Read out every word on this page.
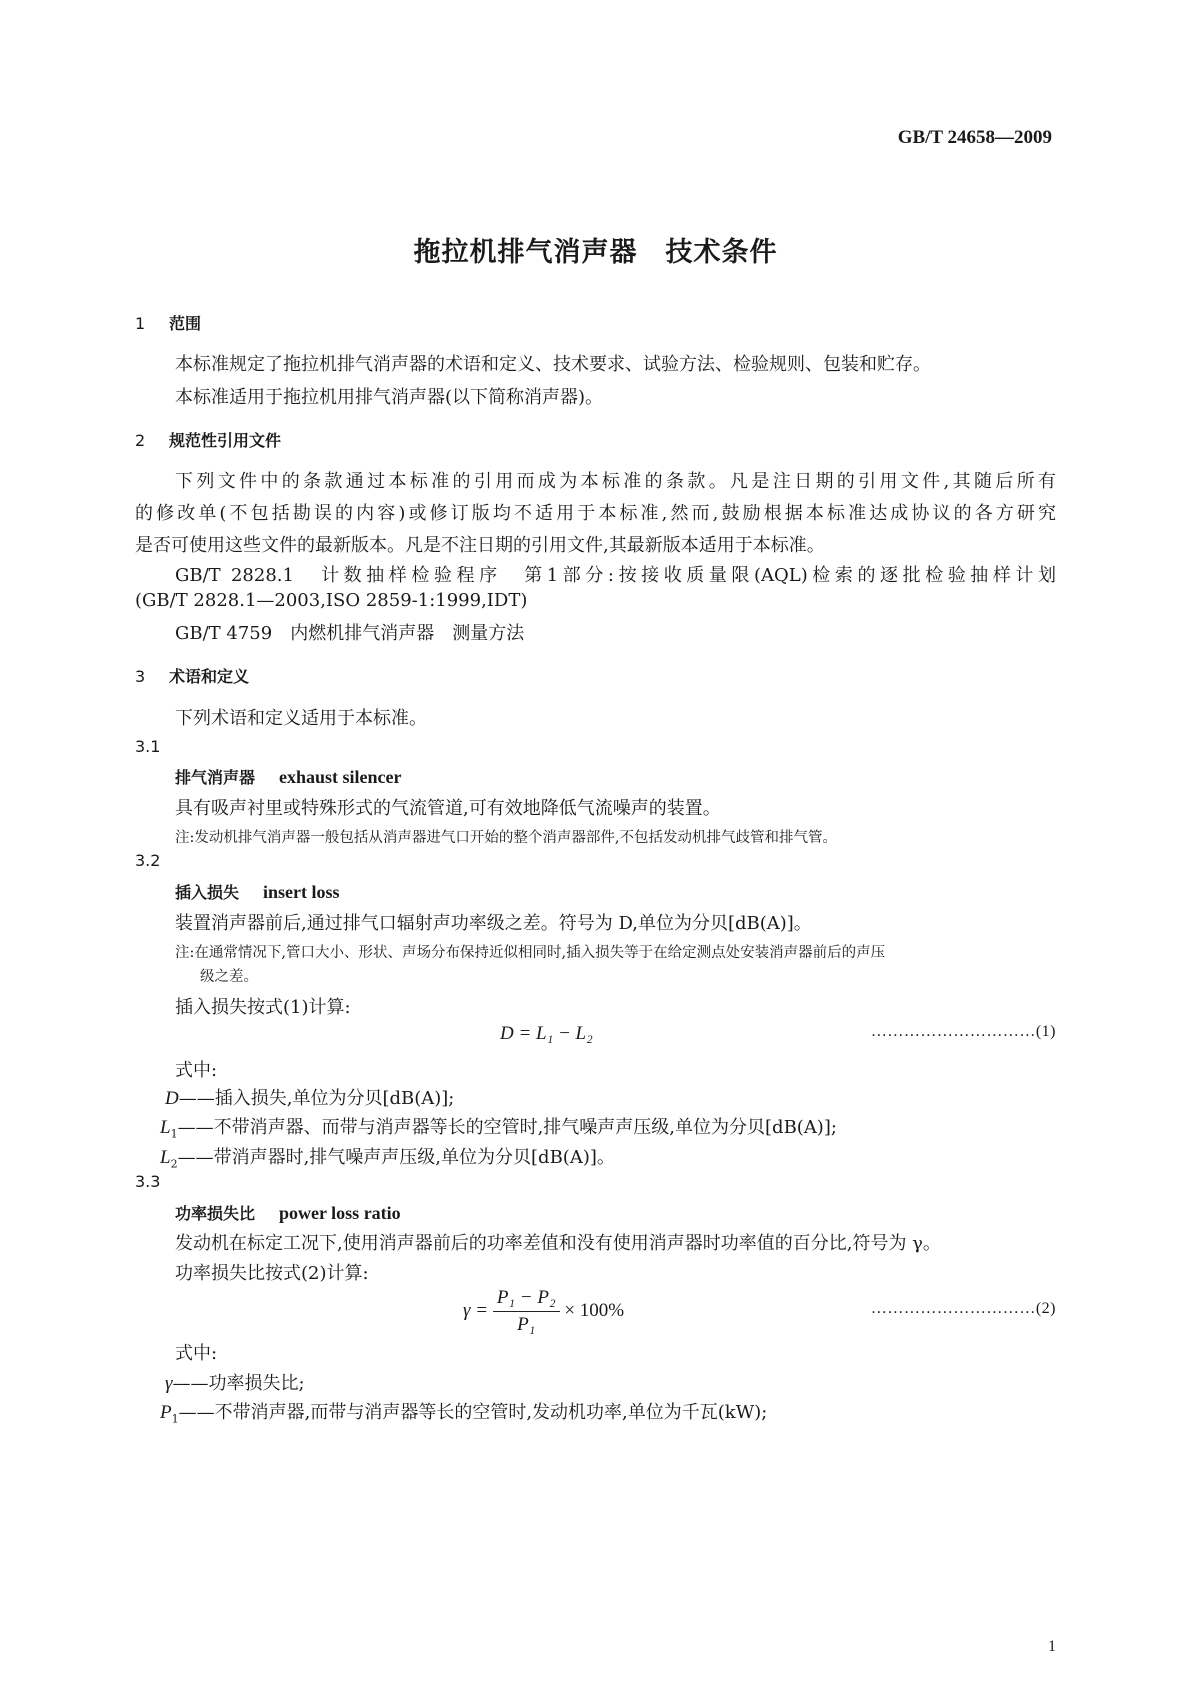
GB/T 24658—2009
拖拉机排气消声器　技术条件
1 范围
本标准规定了拖拉机排气消声器的术语和定义、技术要求、试验方法、检验规则、包装和贮存。
本标准适用于拖拉机用排气消声器(以下简称消声器)。
2 规范性引用文件
下列文件中的条款通过本标准的引用而成为本标准的条款。凡是注日期的引用文件,其随后所有
的修改单(不包括勘误的内容)或修订版均不适用于本标准,然而,鼓励根据本标准达成协议的各方研究
是否可使用这些文件的最新版本。凡是不注日期的引用文件,其最新版本适用于本标准。
GB/T 2828.1　计数抽样检验程序　第1部分:按接收质量限(AQL)检索的逐批检验抽样计划
(GB/T 2828.1—2003,ISO 2859-1:1999,IDT)
GB/T 4759　内燃机排气消声器　测量方法
3 术语和定义
下列术语和定义适用于本标准。
3.1
排气消声器 exhaust silencer
具有吸声衬里或特殊形式的气流管道,可有效地降低气流噪声的装置。
注:发动机排气消声器一般包括从消声器进气口开始的整个消声器部件,不包括发动机排气歧管和排气管。
3.2
插入损失 insert loss
装置消声器前后,通过排气口辐射声功率级之差。符号为 D,单位为分贝[dB(A)]。
注:在通常情况下,管口大小、形状、声场分布保持近似相同时,插入损失等于在给定测点处安装消声器前后的声压
级之差。
插入损失按式(1)计算:
D = L₁ − L₂	…………………………(1)
式中:
D——插入损失,单位为分贝[dB(A)];
$L_1——$不带消声器、而带与消声器等长的空管时,排气噪声声压级,单位为分贝[dB(A)];
$L_2——$带消声器时,排气噪声声压级,单位为分贝[dB(A)]。
3.3
功率损失比 power loss ratio
发动机在标定工况下,使用消声器前后的功率差值和没有使用消声器时功率值的百分比,符号为 γ。
功率损失比按式(2)计算:
$\gamma = \frac{\text{P₁ − P₂}}{\text{P₁}} \times 100\%$	…………………………(2)
式中:
γ——功率损失比;
$P_1——$不带消声器,而带与消声器等长的空管时,发动机功率,单位为千瓦(kW);
1
